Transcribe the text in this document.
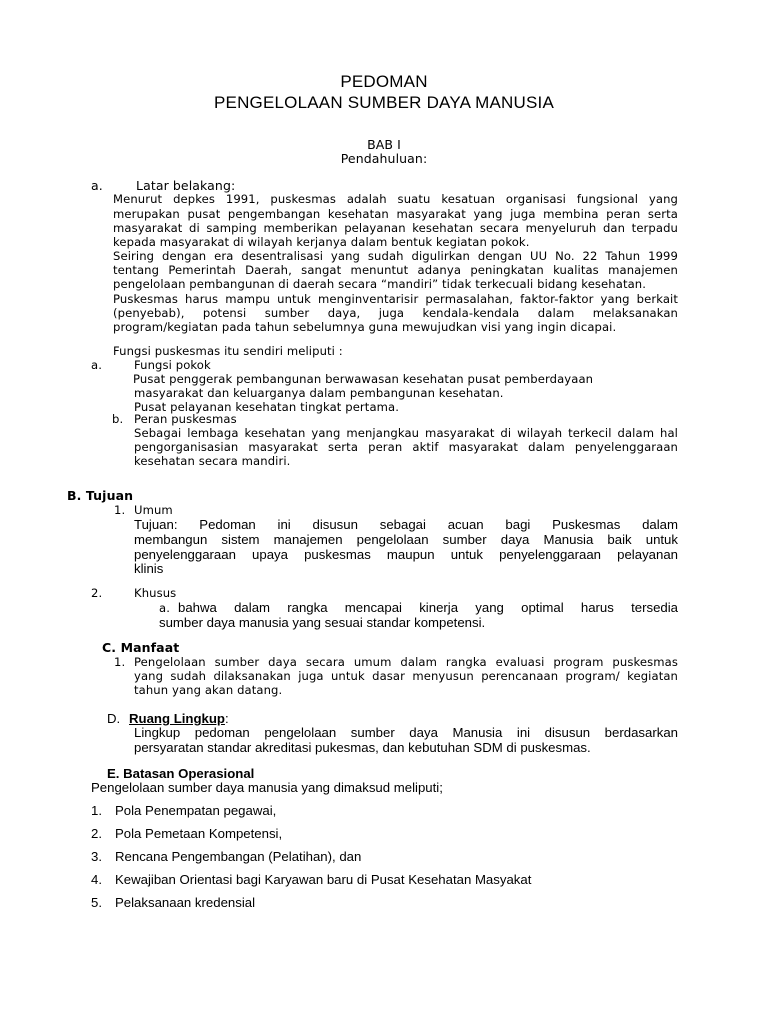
PEDOMAN
PENGELOLAAN SUMBER DAYA MANUSIA
BAB I
Pendahuluan:
a.	Latar belakang:
Menurut depkes 1991, puskesmas adalah suatu kesatuan organisasi fungsional yang
merupakan pusat pengembangan kesehatan masyarakat yang juga membina peran serta
masyarakat di samping memberikan pelayanan kesehatan secara menyeluruh dan terpadu
kepada masyarakat di wilayah kerjanya dalam bentuk kegiatan pokok.
Seiring dengan era desentralisasi yang sudah digulirkan dengan UU No. 22 Tahun 1999
tentang Pemerintah Daerah, sangat menuntut adanya peningkatan kualitas manajemen
pengelolaan pembangunan di daerah secara “mandiri” tidak terkecuali bidang kesehatan.
Puskesmas harus mampu untuk menginventarisir permasalahan, faktor-faktor yang berkait
(penyebab), potensi sumber daya, juga kendala-kendala dalam melaksanakan
program/kegiatan pada tahun sebelumnya guna mewujudkan visi yang ingin dicapai.
Fungsi puskesmas itu sendiri meliputi :
a.	Fungsi pokok
Pusat penggerak pembangunan berwawasan kesehatan pusat pemberdayaan
masyarakat dan keluarganya dalam pembangunan kesehatan.
Pusat pelayanan kesehatan tingkat pertama.
b. Peran puskesmas
Sebagai lembaga kesehatan yang menjangkau masyarakat di wilayah terkecil dalam hal
pengorganisasian masyarakat serta peran aktif masyarakat dalam penyelenggaraan
kesehatan secara mandiri.
B. Tujuan
1. Umum
Tujuan: Pedoman ini disusun sebagai acuan bagi Puskesmas dalam
membangun sistem manajemen pengelolaan sumber daya Manusia baik untuk
penyelenggaraan upaya puskesmas maupun untuk penyelenggaraan pelayanan
klinis
2.	Khusus
a. bahwa dalam rangka mencapai kinerja yang optimal harus tersedia
sumber daya manusia yang sesuai standar kompetensi.
C. Manfaat
1. Pengelolaan sumber daya secara umum dalam rangka evaluasi program puskesmas
yang sudah dilaksanakan juga untuk dasar menyusun perencanaan program/ kegiatan
tahun yang akan datang.
D. Ruang Lingkup:
Lingkup pedoman pengelolaan sumber daya Manusia ini disusun berdasarkan
persyaratan standar akreditasi pukesmas, dan kebutuhan SDM di puskesmas.
E. Batasan Operasional
Pengelolaan sumber daya manusia yang dimaksud meliputi;
1. Pola Penempatan pegawai,
2. Pola Pemetaan Kompetensi,
3. Rencana Pengembangan (Pelatihan), dan
4. Kewajiban Orientasi bagi Karyawan baru di Pusat Kesehatan Masyakat
5. Pelaksanaan kredensial
